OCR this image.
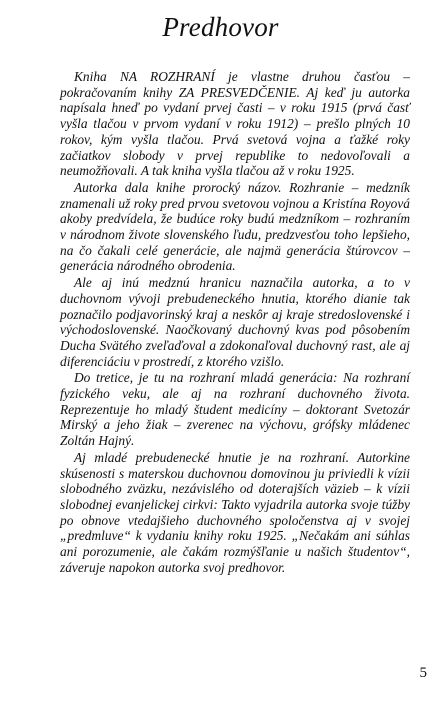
Predhovor

Kniha NA ROZHRANÍ je vlastne druhou časťou – pokračovaním knihy ZA PRESVEDČENIE. Aj keď ju autorka napísala hneď po vydaní prvej časti – v roku 1915 (prvá časť vyšla tlačou v prvom vydaní v roku 1912) – prešlo plných 10 rokov, kým vyšla tlačou. Prvá svetová vojna a ťažké roky začiatkov slobody v prvej republike to nedovoľovali a neumožňovali. A tak kniha vyšla tlačou až v roku 1925.

Autorka dala knihe prorocký názov. Rozhranie – medzník znamenali už roky pred prvou svetovou vojnou a Kristína Royová akoby predvídela, že budúce roky budú medzníkom – rozhraním v národnom živote slovenského ľudu, predzvesťou toho lepšieho, na čo čakali celé generácie, ale najmä generácia štúrovcov – generácia národného obrodenia.

Ale aj inú medznú hranicu naznačila autorka, a to v duchovnom vývoji prebudeneckého hnutia, ktorého dianie tak poznačilo podjavorinský kraj a neskôr aj kraje stredoslovenské i východoslovenské. Naočkovaný duchovný kvas pod pôsobením Ducha Svätého zveľaďoval a zdokonaľoval duchovný rast, ale aj diferenciáciu v prostredí, z ktorého vzišlo.

Do tretice, je tu na rozhraní mladá generácia: Na rozhraní fyzického veku, ale aj na rozhraní duchovného života. Reprezentuje ho mladý študent medicíny – doktorant Svetozár Mirský a jeho žiak – zverenec na výchovu, grófsky mládenec Zoltán Hajný.

Aj mladé prebudenecké hnutie je na rozhraní. Autorkine skúsenosti s materskou duchovnou domovinou ju priviedli k vízii slobodného zväzku, nezávislého od doterajších väzieb – k vízii slobodnej evanjelickej cirkvi: Takto vyjadrila autorka svoje túžby po obnove vtedajšieho duchovného spoločenstva aj v svojej „predmluve“ k vydaniu knihy roku 1925. „Nečakám ani súhlas ani porozumenie, ale čakám rozmýšľanie u našich študentov“, záveruje napokon autorka svoj predhovor.

5
